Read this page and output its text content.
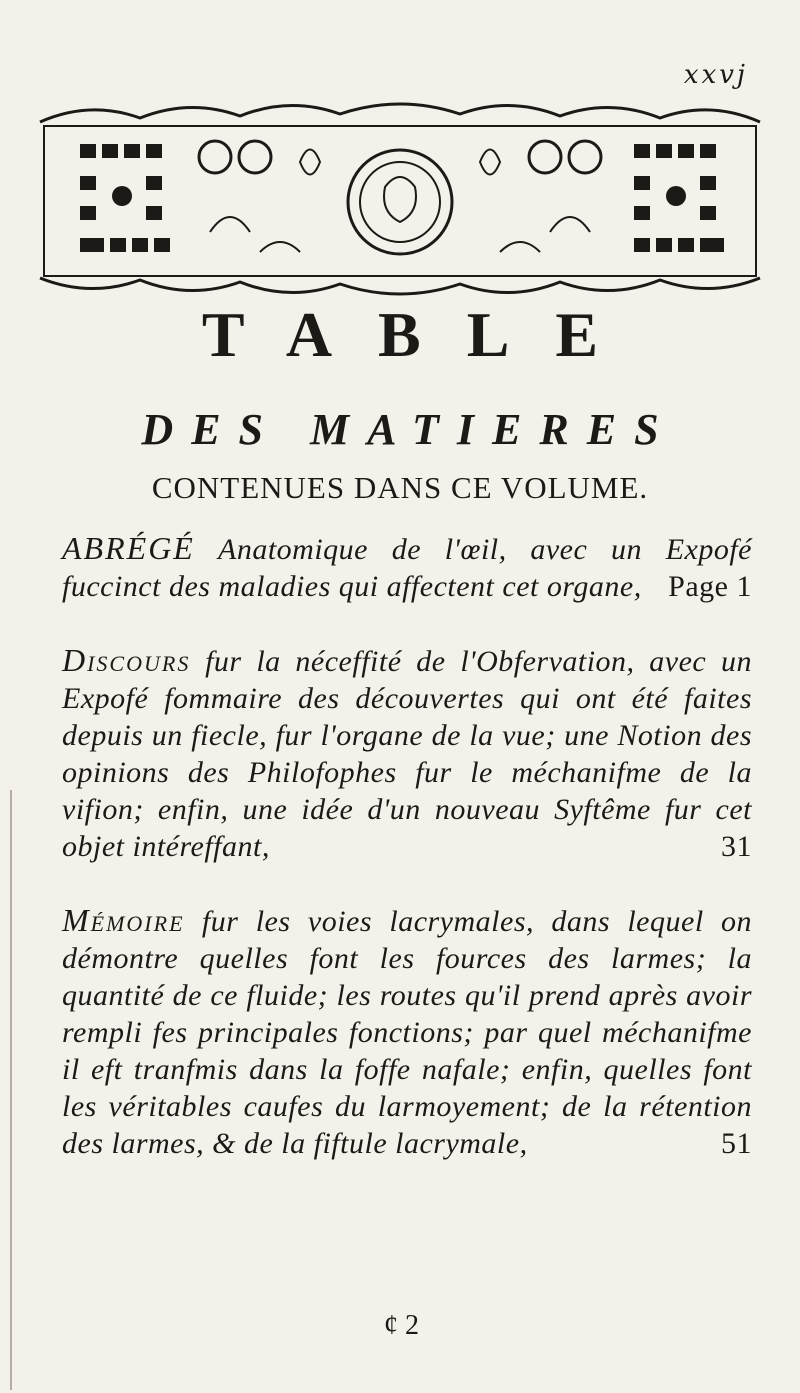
xxvj
TABLE
DES MATIERES
CONTENUES DANS CE VOLUME.
ABRÉGÉ Anatomique de l'œil, avec un Expofé fuccinct des maladies qui affectent cet organe, Page 1
Discours fur la néceffité de l'Obfervation, avec un Expofé fommaire des découvertes qui ont été faites depuis un fiecle, fur l'organe de la vue; une Notion des opinions des Philofophes fur le méchanifme de la vifion; enfin, une idée d'un nouveau Syftême fur cet objet intéreffant,	31
Mémoire fur les voies lacrymales, dans lequel on démontre quelles font les fources des larmes; la quantité de ce fluide; les routes qu'il prend après avoir rempli fes principales fonctions; par quel méchanifme il eft tranfmis dans la foffe nafale; enfin, quelles font les véritables caufes du larmoyement; de la rétention des larmes, & de la fiftule lacrymale,	51
¢ 2
